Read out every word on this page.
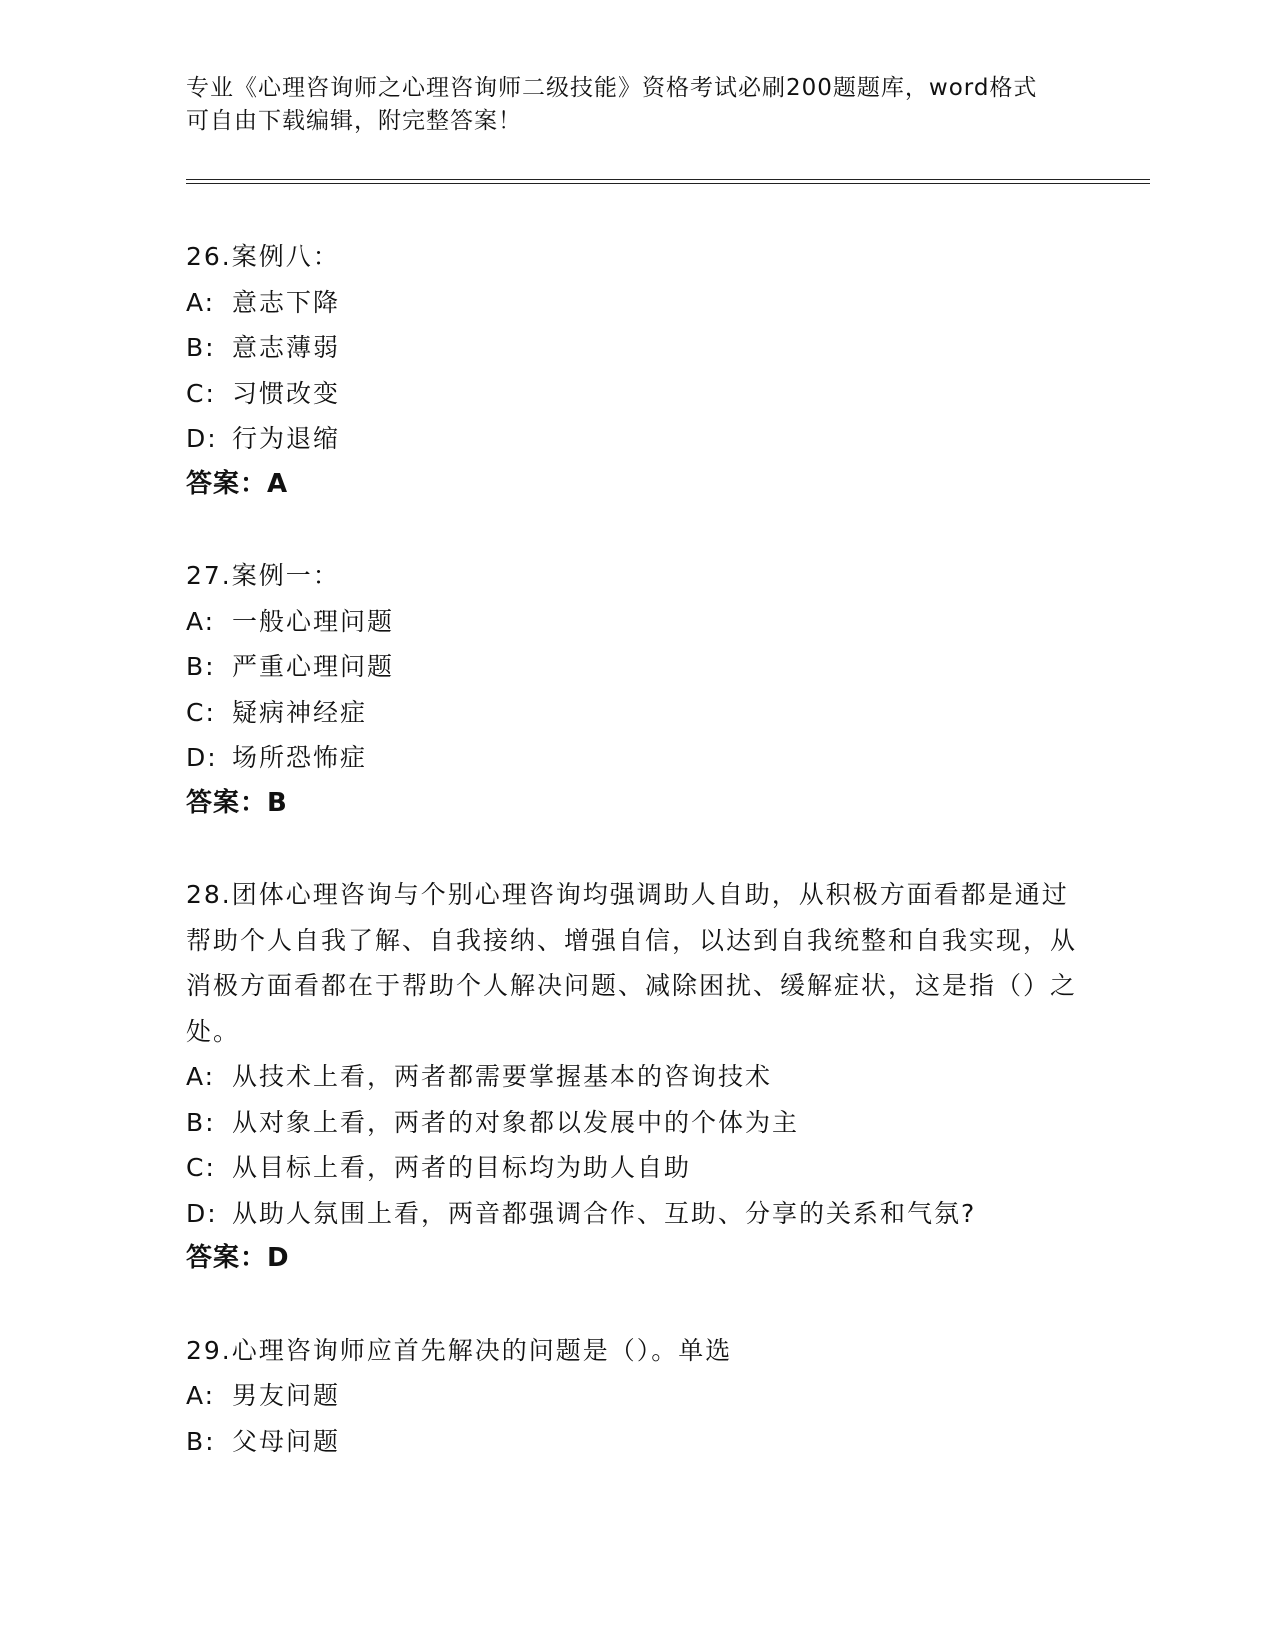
专业《心理咨询师之心理咨询师二级技能》资格考试必刷200题题库，word格式
可自由下载编辑，附完整答案！
26.案例八：
A: 意志下降
B: 意志薄弱
C: 习惯改变
D: 行为退缩
答案：A
27.案例一：
A: 一般心理问题
B: 严重心理问题
C: 疑病神经症
D: 场所恐怖症
答案：B
28.团体心理咨询与个别心理咨询均强调助人自助，从积极方面看都是通过帮助个人自我了解、自我接纳、增强自信，以达到自我统整和自我实现，从消极方面看都在于帮助个人解决问题、减除困扰、缓解症状，这是指（）之处。
A: 从技术上看，两者都需要掌握基本的咨询技术
B: 从对象上看，两者的对象都以发展中的个体为主
C: 从目标上看，两者的目标均为助人自助
D: 从助人氛围上看，两音都强调合作、互助、分享的关系和气氛?
答案：D
29.心理咨询师应首先解决的问题是（）。单选
A: 男友问题
B: 父母问题
